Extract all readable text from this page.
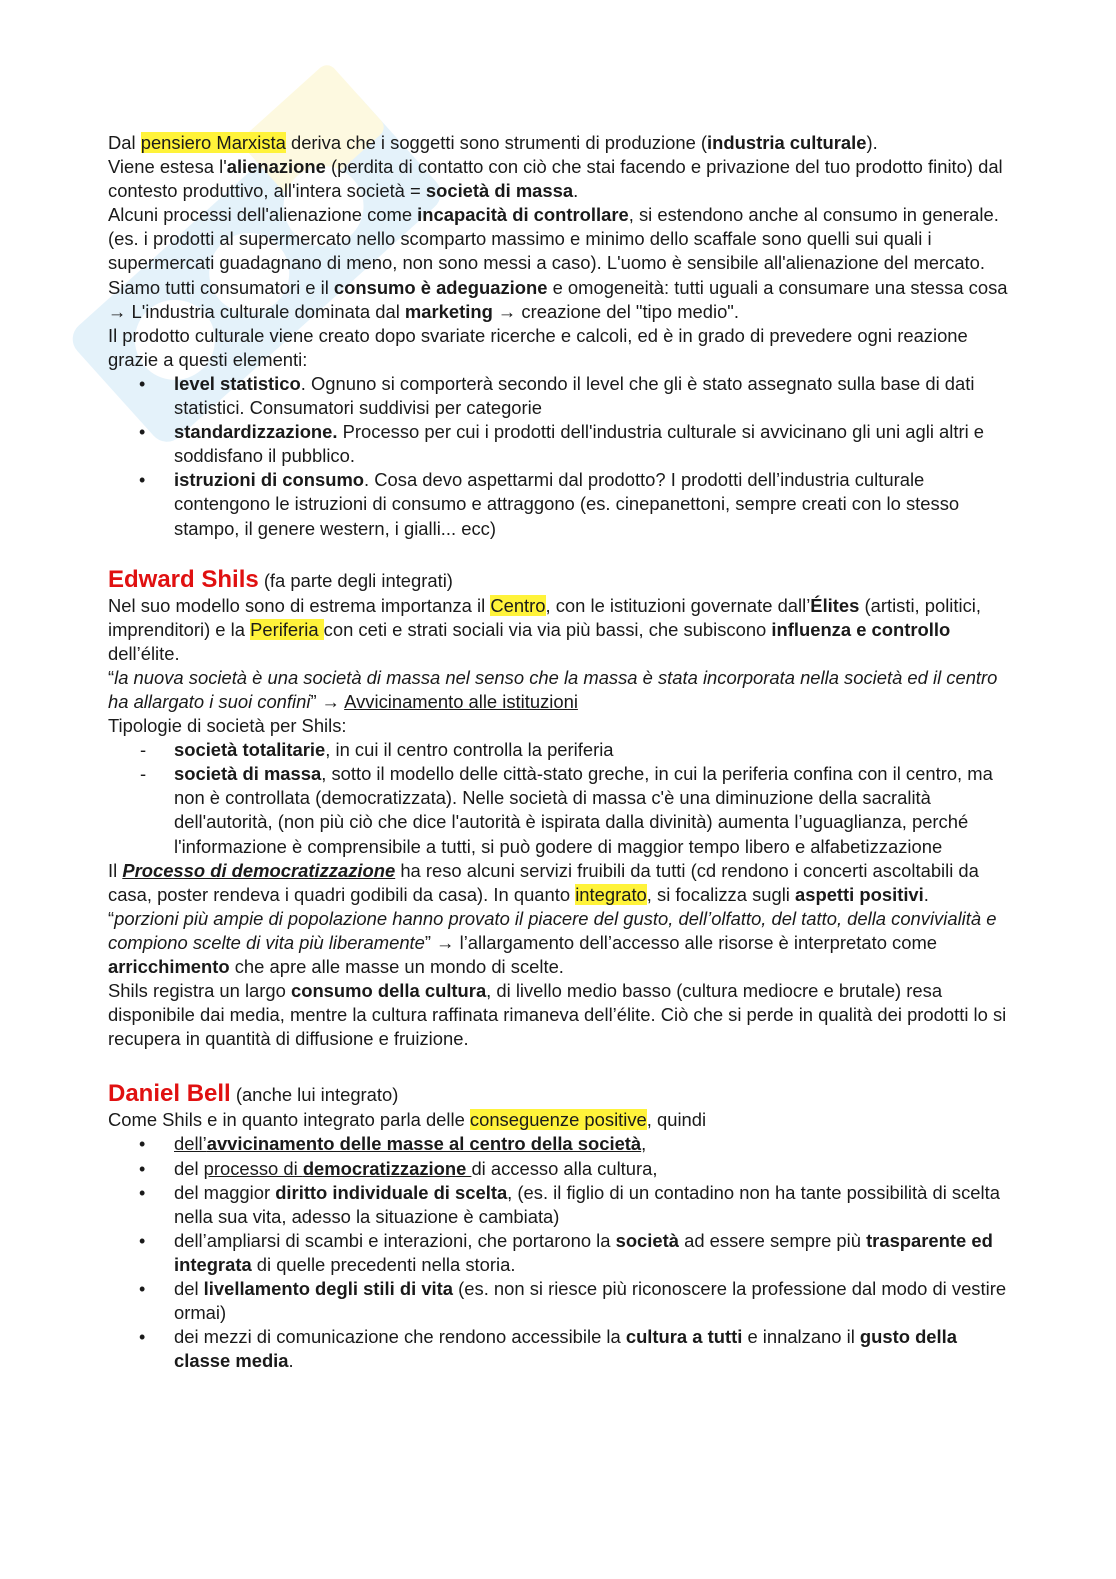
Dal pensiero Marxista deriva che i soggetti sono strumenti di produzione (industria culturale).

Viene estesa l'alienazione (perdita di contatto con ciò che stai facendo e privazione del tuo prodotto finito) dal contesto produttivo, all'intera società = società di massa.

Alcuni processi dell'alienazione come incapacità di controllare, si estendono anche al consumo in generale. (es. i prodotti al supermercato nello scomparto massimo e minimo dello scaffale sono quelli sui quali i supermercati guadagnano di meno, non sono messi a caso). L'uomo è sensibile all'alienazione del mercato.

Siamo tutti consumatori e il consumo è adeguazione e omogeneità: tutti uguali a consumare una stessa cosa → L'industria culturale dominata dal marketing → creazione del "tipo medio".

Il prodotto culturale viene creato dopo svariate ricerche e calcoli, ed è in grado di prevedere ogni reazione grazie a questi elementi:

• level statistico. Ognuno si comporterà secondo il level che gli è stato assegnato sulla base di dati statistici. Consumatori suddivisi per categorie
• standardizzazione. Processo per cui i prodotti dell'industria culturale si avvicinano gli uni agli altri e soddisfano il pubblico.
• istruzioni di consumo. Cosa devo aspettarmi dal prodotto? I prodotti dell’industria culturale contengono le istruzioni di consumo e attraggono (es. cinepanettoni, sempre creati con lo stesso stampo, il genere western, i gialli... ecc)
Edward Shils (fa parte degli integrati)

Nel suo modello sono di estrema importanza il Centro, con le istituzioni governate dall’Élites (artisti, politici, imprenditori) e la Periferia con ceti e strati sociali via via più bassi, che subiscono influenza e controllo dell’élite.

“la nuova società è una società di massa nel senso che la massa è stata incorporata nella società ed il centro ha allargato i suoi confini” → Avvicinamento alle istituzioni

Tipologie di società per Shils:

- società totalitarie, in cui il centro controlla la periferia
- società di massa, sotto il modello delle città-stato greche, in cui la periferia confina con il centro, ma non è controllata (democratizzata). Nelle società di massa c'è una diminuzione della sacralità dell'autorità, (non più ciò che dice l'autorità è ispirata dalla divinità) aumenta l’uguaglianza, perché l'informazione è comprensibile a tutti, si può godere di maggior tempo libero e alfabetizzazione

Il Processo di democratizzazione ha reso alcuni servizi fruibili da tutti (cd rendono i concerti ascoltabili da casa, poster rendeva i quadri godibili da casa). In quanto integrato, si focalizza sugli aspetti positivi.

“porzioni più ampie di popolazione hanno provato il piacere del gusto, dell’olfatto, del tatto, della convivialità e compiono scelte di vita più liberamente” → l’allargamento dell’accesso alle risorse è interpretato come arricchimento che apre alle masse un mondo di scelte.

Shils registra un largo consumo della cultura, di livello medio basso (cultura mediocre e brutale) resa disponibile dai media, mentre la cultura raffinata rimaneva dell’élite. Ciò che si perde in qualità dei prodotti lo si recupera in quantità di diffusione e fruizione.

Daniel Bell (anche lui integrato)

Come Shils e in quanto integrato parla delle conseguenze positive, quindi

• dell’avvicinamento delle masse al centro della società,
• del processo di democratizzazione di accesso alla cultura,
• del maggior diritto individuale di scelta, (es. il figlio di un contadino non ha tante possibilità di scelta nella sua vita, adesso la situazione è cambiata)
• dell’ampliarsi di scambi e interazioni, che portarono la società ad essere sempre più trasparente ed integrata di quelle precedenti nella storia.
• del livellamento degli stili di vita (es. non si riesce più riconoscere la professione dal modo di vestire ormai)
• dei mezzi di comunicazione che rendono accessibile la cultura a tutti e innalzano il gusto della classe media.
